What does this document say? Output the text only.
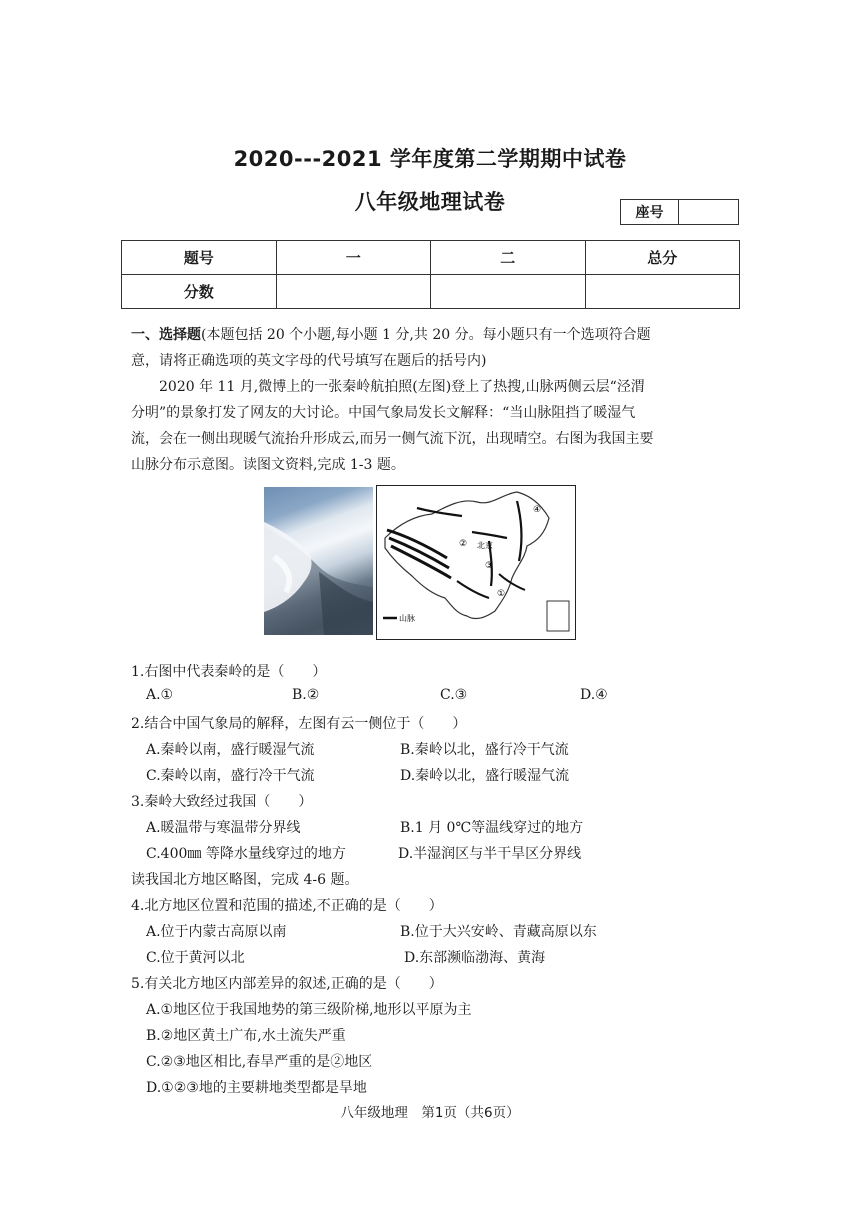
2020---2021 学年度第二学期期中试卷
八年级地理试卷	座号
题号	一	二	总分
分数			
一、选择题(本题包括 20 个小题,每小题 1 分,共 20 分。每小题只有一个选项符合题
意，请将正确选项的英文字母的代号填写在题后的括号内)
2020 年 11 月,微博上的一张秦岭航拍照(左图)登上了热搜,山脉两侧云层“泾渭
分明”的景象打发了网友的大讨论。中国气象局发长文解释：“当山脉阻挡了暖湿气
流，会在一侧出现暖气流抬升形成云,而另一侧气流下沉，出现晴空。右图为我国主要
山脉分布示意图。读图文资料,完成 1-3 题。
山脉
北京
④
②
③
①
1.右图中代表秦岭的是（　　）
A.①	B.②	C.③	D.④
2.结合中国气象局的解释，左图有云一侧位于（　　）
A.秦岭以南，盛行暖湿气流	B.秦岭以北，盛行冷干气流
C.秦岭以南，盛行冷干气流	D.秦岭以北，盛行暖湿气流
3.秦岭大致经过我国（　　）
A.暖温带与寒温带分界线	B.1 月 0℃等温线穿过的地方
C.400㎜ 等降水量线穿过的地方	D.半湿润区与半干旱区分界线
读我国北方地区略图，完成 4-6 题。
4.北方地区位置和范围的描述,不正确的是（　　）
A.位于内蒙古高原以南	B.位于大兴安岭、青藏高原以东
C.位于黄河以北	D.东部濒临渤海、黄海
5.有关北方地区内部差异的叙述,正确的是（　　）
A.①地区位于我国地势的第三级阶梯,地形以平原为主
B.②地区黄土广布,水土流失严重
C.②③地区相比,春旱严重的是②地区
D.①②③地的主要耕地类型都是旱地
八年级地理　第1页（共6页）
